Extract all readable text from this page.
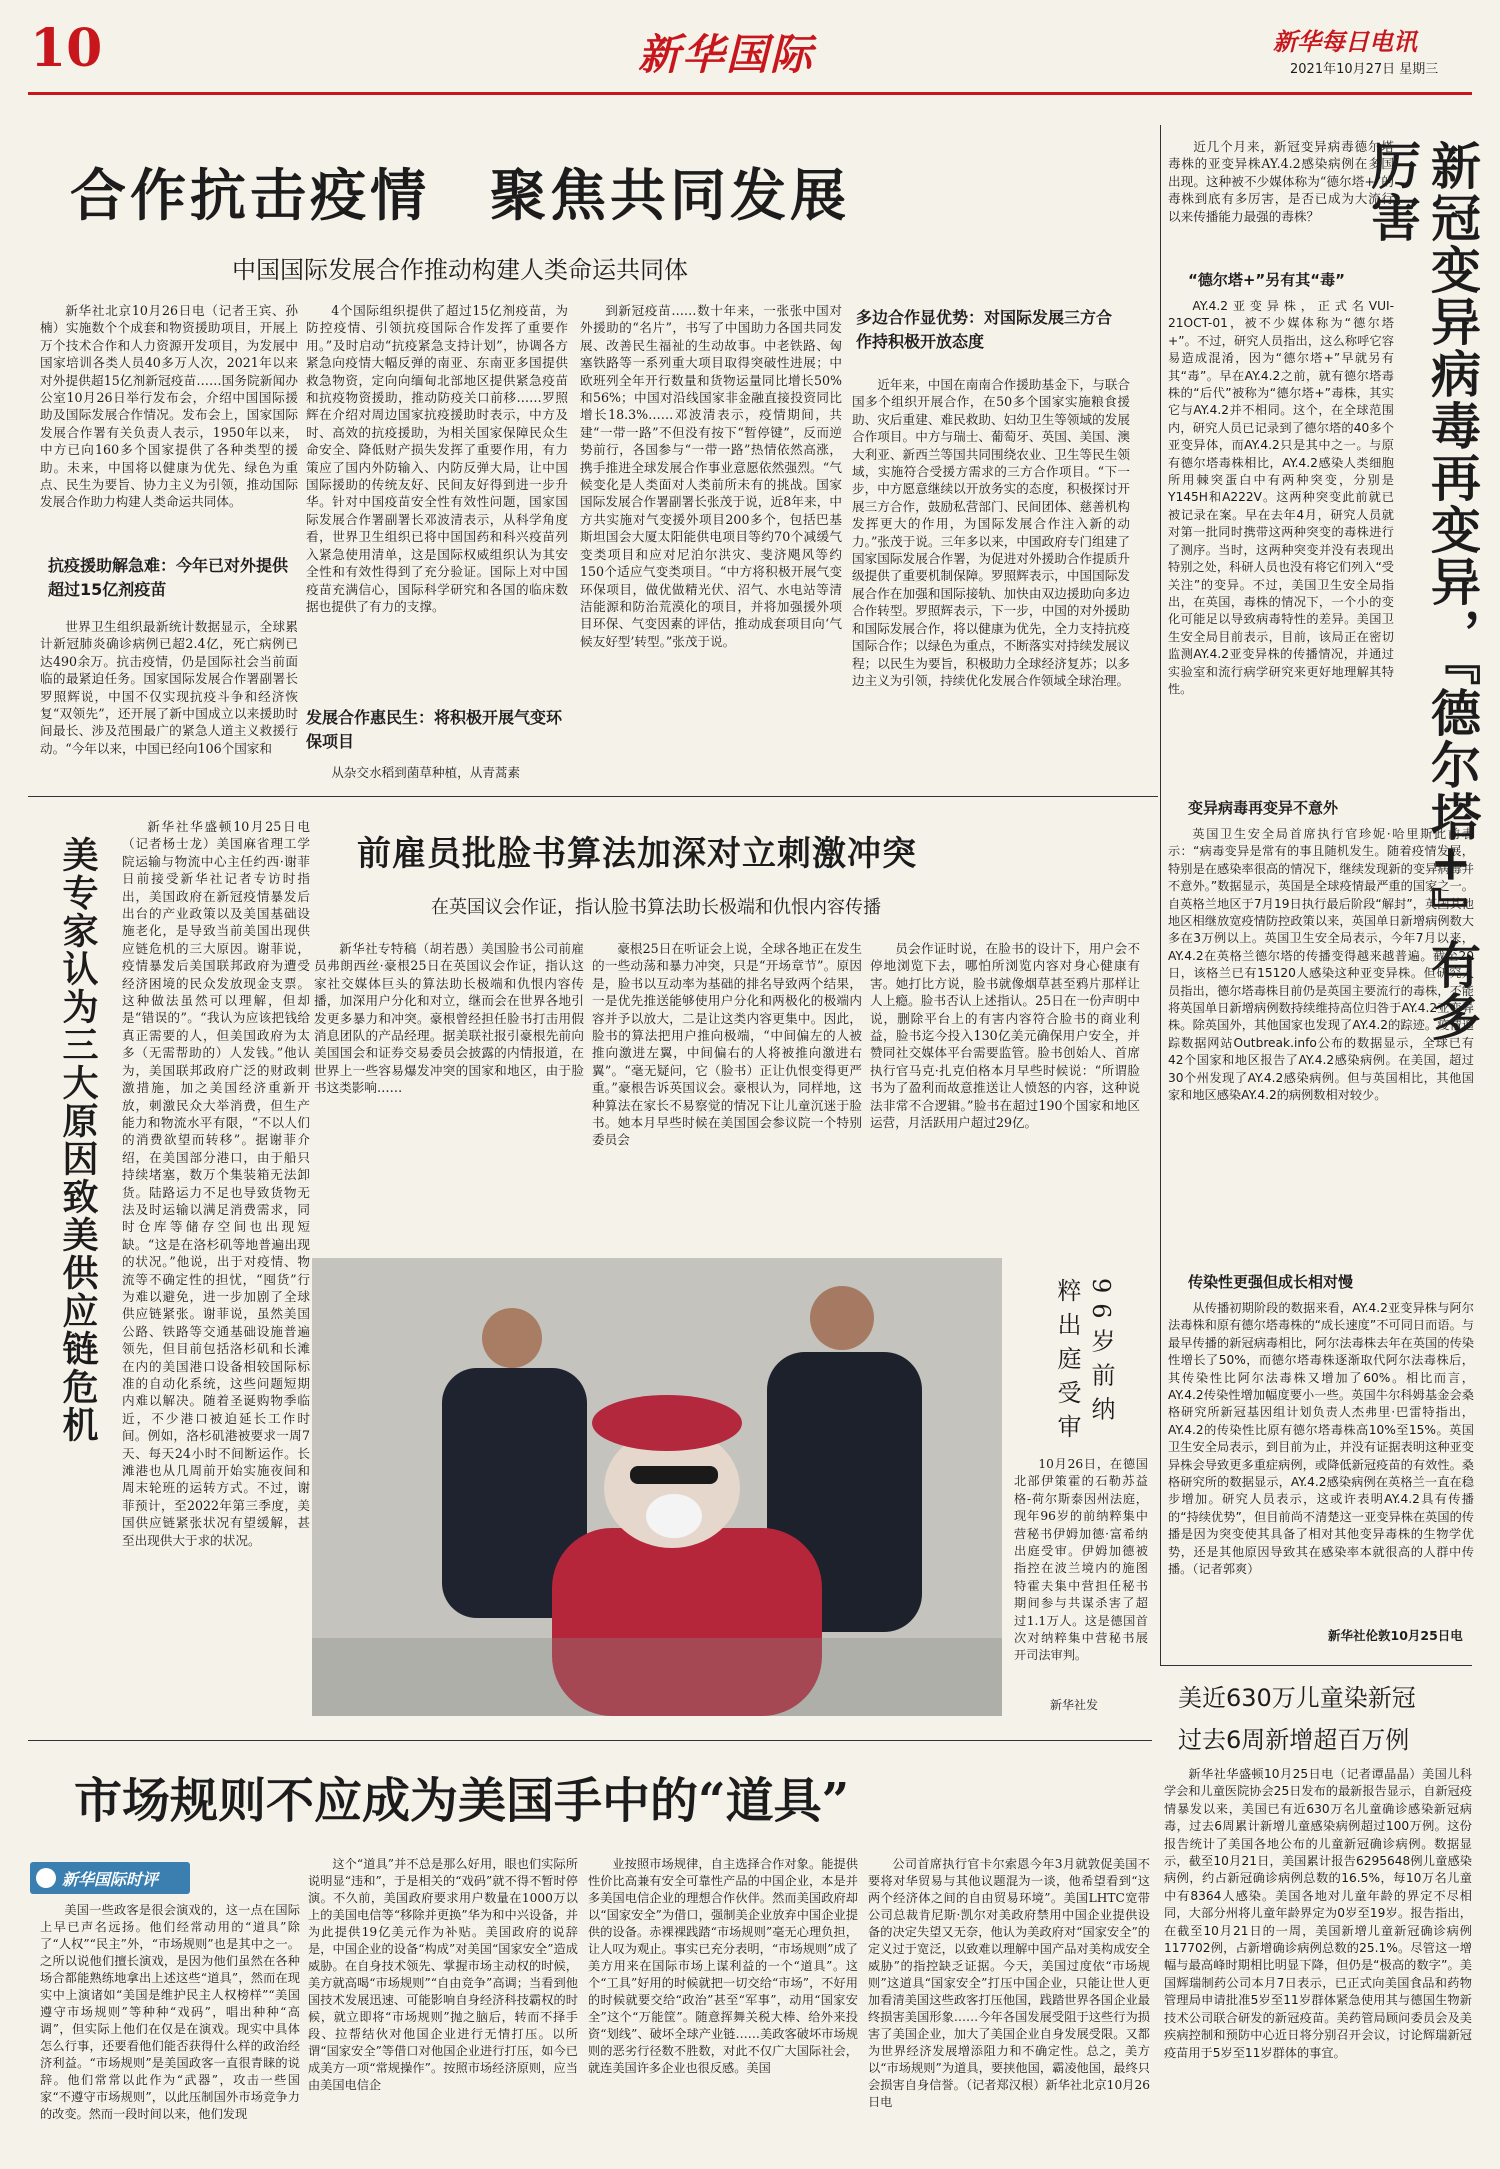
10	新华国际	新华每日电讯
2021年10月27日 星期三
合作抗击疫情　聚焦共同发展
中国国际发展合作推动构建人类命运共同体
新华社北京10月26日电（记者王宾、孙楠）实施数个个成套和物资援助项目，开展上万个技术合作和人力资源开发项目，为发展中国家培训各类人员40多万人次，2021年以来对外提供超15亿剂新冠疫苗……国务院新闻办公室10月26日举行发布会，介绍中国国际援助及国际发展合作情况。发布会上，国家国际发展合作署有关负责人表示，1950年以来，中方已向160多个国家提供了各种类型的援助。未来，中国将以健康为优先、绿色为重点、民生为要旨、协力主义为引领，推动国际发展合作助力构建人类命运共同体。
抗疫援助解急难：今年已对外提供超过15亿剂疫苗
世界卫生组织最新统计数据显示，全球累计新冠肺炎确诊病例已超2.4亿，死亡病例已达490余万。抗击疫情，仍是国际社会当前面临的最紧迫任务。国家国际发展合作署副署长罗照辉说，中国不仅实现抗疫斗争和经济恢复“双领先”，还开展了新中国成立以来援助时间最长、涉及范围最广的紧急人道主义救援行动。“今年以来，中国已经向106个国家和
4个国际组织提供了超过15亿剂疫苗，为防控疫情、引领抗疫国际合作发挥了重要作用。”及时启动“抗疫紧急支持计划”，协调各方紧急向疫情大幅反弹的南亚、东南亚多国提供救急物资，定向向缅甸北部地区提供紧急疫苗和抗疫物资援助，推动防疫关口前移……罗照辉在介绍对周边国家抗疫援助时表示，中方及时、高效的抗疫援助，为相关国家保障民众生命安全、降低财产损失发挥了重要作用，有力策应了国内外防输入、内防反弹大局，让中国国际援助的传统友好、民间友好得到进一步升华。针对中国疫苗安全性有效性问题，国家国际发展合作署副署长邓波清表示，从科学角度看，世界卫生组织已将中国国药和科兴疫苗列入紧急使用清单，这是国际权威组织认为其安全性和有效性得到了充分验证。国际上对中国疫苗充满信心，国际科学研究和各国的临床数据也提供了有力的支撑。
发展合作惠民生：将积极开展气变环保项目
从杂交水稻到菌草种植，从青蒿素
到新冠疫苗……数十年来，一张张中国对外援助的“名片”，书写了中国助力各国共同发展、改善民生福祉的生动故事。中老铁路、匈塞铁路等一系列重大项目取得突破性进展；中欧班列全年开行数量和货物运量同比增长50%和56%；中国对沿线国家非金融直接投资同比增长18.3%……邓波清表示，疫情期间，共建“一带一路”不但没有按下“暂停键”，反而逆势前行，各国参与“一带一路”热情依然高涨，携手推进全球发展合作事业意愿依然强烈。“气候变化是人类面对人类前所未有的挑战。国家国际发展合作署副署长张茂于说，近8年来，中方共实施对气变援外项目200多个，包括巴基斯坦国会大厦太阳能供电项目等约70个减缓气变类项目和应对尼泊尔洪灾、斐济飓风等约150个适应气变类项目。“中方将积极开展气变环保项目，做优做精光伏、沼气、水电站等清洁能源和防治荒漠化的项目，并将加强援外项目环保、气变因素的评估，推动成套项目向‘气候友好型’转型。”张茂于说。
多边合作显优势：对国际发展三方合作持积极开放态度
近年来，中国在南南合作援助基金下，与联合国多个组织开展合作，在50多个国家实施粮食援助、灾后重建、难民救助、妇幼卫生等领域的发展合作项目。中方与瑞士、葡萄牙、英国、美国、澳大利亚、新西兰等国共同围绕农业、卫生等民生领域，实施符合受援方需求的三方合作项目。“下一步，中方愿意继续以开放务实的态度，积极探讨开展三方合作，鼓励私营部门、民间团体、慈善机构发挥更大的作用，为国际发展合作注入新的动力。”张茂于说。三年多以来，中国政府专门组建了国家国际发展合作署，为促进对外援助合作提质升级提供了重要机制保障。罗照辉表示，中国国际发展合作在加强和国际接轨、加快由双边援助向多边合作转型。罗照辉表示，下一步，中国的对外援助和国际发展合作，将以健康为优先，全力支持抗疫国际合作；以绿色为重点，不断落实对持续发展议程；以民生为要旨，积极助力全球经济复苏；以多边主义为引领，持续优化发展合作领域全球治理。
近几个月来，新冠变异病毒德尔塔毒株的亚变异株AY.4.2感染病例在多国出现。这种被不少媒体称为“德尔塔+”的毒株到底有多厉害，是否已成为大流行以来传播能力最强的毒株？	新冠变异病毒再变异，『德尔塔+』有多厉害
“德尔塔+”另有其“毒”
AY.4.2亚变异株，正式名VUI-21OCT-01，被不少媒体称为“德尔塔+”。不过，研究人员指出，这么称呼它容易造成混淆，因为“德尔塔+”早就另有其“毒”。早在AY.4.2之前，就有德尔塔毒株的“后代”被称为“德尔塔+”毒株，其实它与AY.4.2并不相同。这个，在全球范围内，研究人员已记录到了德尔塔的40多个亚变异体，而AY.4.2只是其中之一。与原有德尔塔毒株相比，AY.4.2感染人类细胞所用棘突蛋白中有两种突变，分别是Y145H和A222V。这两种突变此前就已被记录在案。早在去年4月，研究人员就对第一批同时携带这两种突变的毒株进行了测序。当时，这两种突变并没有表现出特别之处，科研人员也没有将它们列入“受关注”的变异。不过，美国卫生安全局指出，在英国，毒株的情况下，一个小的变化可能足以导致病毒特性的差异。美国卫生安全局目前表示，目前，该局正在密切监测AY.4.2亚变异株的传播情况，并通过实验室和流行病学研究来更好地理解其特性。
变异病毒再变异不意外
英国卫生安全局首席执行官珍妮·哈里斯此前表示：“病毒变异是常有的事且随机发生。随着疫情发展，特别是在感染率很高的情况下，继续发现新的变异病毒并不意外。”数据显示，英国是全球疫情最严重的国家之一。自英格兰地区于7月19日执行最后阶段“解封”，英国其他地区相继放宽疫情防控政策以来，英国单日新增病例数大多在3万例以上。英国卫生安全局表示，今年7月以来，AY.4.2在英格兰德尔塔的传播变得越来越普遍。截至20日，该格兰已有15120人感染这种亚变异株。但研究人员指出，德尔塔毒株目前仍是英国主要流行的毒株，不能将英国单日新增病例数持续维持高位归咎于AY.4.2亚变异株。除英国外，其他国家也发现了AY.4.2的踪迹。疫情追踪数据网站Outbreak.info公布的数据显示，全球已有42个国家和地区报告了AY.4.2感染病例。在美国，超过30个州发现了AY.4.2感染病例。但与英国相比，其他国家和地区感染AY.4.2的病例数相对较少。
传染性更强但成长相对慢
从传播初期阶段的数据来看，AY.4.2亚变异株与阿尔法毒株和原有德尔塔毒株的“成长速度”不可同日而语。与最早传播的新冠病毒相比，阿尔法毒株去年在英国的传染性增长了50%，而德尔塔毒株逐渐取代阿尔法毒株后，其传染性比阿尔法毒株又增加了60%。相比而言，AY.4.2传染性增加幅度要小一些。英国牛尔科姆基金会桑格研究所新冠基因组计划负责人杰弗里·巴雷特指出，AY.4.2的传染性比原有德尔塔毒株高10%至15%。英国卫生安全局表示，到目前为止，并没有证据表明这种亚变异株会导致更多重症病例，或降低新冠疫苗的有效性。桑格研究所的数据显示，AY.4.2感染病例在英格兰一直在稳步增加。研究人员表示，这或许表明AY.4.2具有传播的“持续优势”，但目前尚不清楚这一亚变异株在英国的传播是因为突变使其具备了相对其他变异毒株的生物学优势，还是其他原因导致其在感染率本就很高的人群中传播。（记者郭爽）
新华社伦敦10月25日电
美专家认为三大原因致美供应链危机
新华社华盛顿10月25日电（记者杨士龙）美国麻省理工学院运输与物流中心主任约西·谢菲日前接受新华社记者专访时指出，美国政府在新冠疫情暴发后出台的产业政策以及美国基础设施老化，是导致当前美国出现供应链危机的三大原因。谢菲说，疫情暴发后美国联邦政府为遭受经济困境的民众发放现金支票。这种做法虽然可以理解，但却是“错误的”。“我认为应该把钱给真正需要的人，但美国政府为太多（无需帮助的）人发钱。”他认为，美国联邦政府广泛的财政刺激措施，加之美国经济重新开放，刺激民众大举消费，但生产能力和物流水平有限，“不以人们的消费欲望而转移”。据谢菲介绍，在美国部分港口，由于船只持续堵塞，数万个集装箱无法卸货。陆路运力不足也导致货物无法及时运输以满足消费需求，同时仓库等储存空间也出现短缺。“这是在洛杉矶等地普遍出现的状况。”他说，出于对疫情、物流等不确定性的担忧，“囤货”行为难以避免，进一步加剧了全球供应链紧张。谢菲说，虽然美国公路、铁路等交通基础设施普遍领先，但目前包括洛杉矶和长滩在内的美国港口设备相较国际标准的自动化系统，这些问题短期内难以解决。随着圣诞购物季临近，不少港口被迫延长工作时间。例如，洛杉矶港被要求一周7天、每天24小时不间断运作。长滩港也从几周前开始实施夜间和周末轮班的运转方式。不过，谢菲预计，至2022年第三季度，美国供应链紧张状况有望缓解，甚至出现供大于求的状况。
前雇员批脸书算法加深对立刺激冲突
在英国议会作证，指认脸书算法助长极端和仇恨内容传播
新华社专特稿（胡若愚）美国脸书公司前雇员弗朗西丝·豪根25日在英国议会作证，指认这家社交媒体巨头的算法助长极端和仇恨内容传播，加深用户分化和对立，继而会在世界各地引发更多暴力和冲突。豪根曾经担任脸书打击用假消息团队的产品经理。据美联社报引豪根先前向美国国会和证券交易委员会披露的内情报道，在世界上一些容易爆发冲突的国家和地区，由于脸书这类影响……
豪根25日在听证会上说，全球各地正在发生的一些动荡和暴力冲突，只是“开场章节”。原因是，脸书以互动率为基础的排名导致两个结果，一是优先推送能够使用户分化和两极化的极端内容并予以放大，二是让这类内容更集中。因此，脸书的算法把用户推向极端，“中间偏左的人被推向激进左翼，中间偏右的人将被推向激进右翼”。“毫无疑问，它（脸书）正让仇恨变得更严重。”豪根告诉英国议会。豪根认为，同样地，这种算法在家长不易察觉的情况下让儿童沉迷于脸书。她本月早些时候在美国国会参议院一个特别委员会
员会作证时说，在脸书的设计下，用户会不停地浏览下去，哪怕所浏览内容对身心健康有害。她打比方说，脸书就像烟草甚至鸦片那样让人上瘾。脸书否认上述指认。25日在一份声明中说，删除平台上的有害内容符合脸书的商业利益，脸书迄今投入130亿美元确保用户安全，并赞同社交媒体平台需要监管。脸书创始人、首席执行官马克·扎克伯格本月早些时候说：“所谓脸书为了盈利而故意推送让人愤怒的内容，这种说法非常不合逻辑。”脸书在超过190个国家和地区运营，月活跃用户超过29亿。
96岁前纳粹出庭受审
10月26日，在德国北部伊策霍的石勒苏益格-荷尔斯泰因州法庭，现年96岁的前纳粹集中营秘书伊姆加德·富希纳出庭受审。伊姆加德被指控在波兰境内的施图特霍夫集中营担任秘书期间参与共谋杀害了超过1.1万人。这是德国首次对纳粹集中营秘书展开司法审判。
新华社发	美近630万儿童染新冠
过去6周新增超百万例
新华社华盛顿10月25日电（记者谭晶晶）美国儿科学会和儿童医院协会25日发布的最新报告显示，自新冠疫情暴发以来，美国已有近630万名儿童确诊感染新冠病毒，过去6周累计新增儿童感染病例超过100万例。这份报告统计了美国各地公布的儿童新冠确诊病例。数据显示，截至10月21日，美国累计报告6295648例儿童感染病例，约占新冠确诊病例总数的16.5%，每10万名儿童中有8364人感染。美国各地对儿童年龄的界定不尽相同，大部分州将儿童年龄界定为0岁至19岁。报告指出，在截至10月21日的一周，美国新增儿童新冠确诊病例117702例，占新增确诊病例总数的25.1%。尽管这一增幅与最高峰时期相比明显下降，但仍是“极高的数字”。美国辉瑞制药公司本月7日表示，已正式向美国食品和药物管理局申请批准5岁至11岁群体紧急使用其与德国生物新技术公司联合研发的新冠疫苗。美药管局顾问委员会及美疾病控制和预防中心近日将分别召开会议，讨论辉瑞新冠疫苗用于5岁至11岁群体的事宜。
市场规则不应成为美国手中的“道具”
新华国际时评
美国一些政客是很会演戏的，这一点在国际上早已声名远扬。他们经常动用的“道具”除了“人权”“民主”外，“市场规则”也是其中之一。之所以说他们擅长演戏，是因为他们虽然在各种场合都能熟练地拿出上述这些“道具”，然而在现实中上演诸如“美国是维护民主人权榜样”“美国遵守市场规则”等种种“戏码”，唱出种种“高调”，但实际上他们在仅是在演戏。现实中具体怎么行事，还要看他们能否获得什么样的政治经济利益。“市场规则”是美国政客一直很青睐的说辞。他们常常以此作为“武器”，攻击一些国家“不遵守市场规则”，以此压制国外市场竞争力的改变。然而一段时间以来，他们发现
这个“道具”并不总是那么好用，眼也们实际所说明显“违和”，于是相关的“戏码”就不得不暂时停演。不久前，美国政府要求用户数量在1000万以上的美国电信等“移除并更换”华为和中兴设备，并为此提供19亿美元作为补贴。美国政府的说辞是，中国企业的设备“构成”对美国“国家安全”造成威胁。在自身技术领先、掌握市场主动权的时候，美方就高喝“市场规则”“自由竞争”高调；当看到他国技术发展迅速、可能影响自身经济科技霸权的时候，就立即将“市场规则”抛之脑后，转而不择手段、拉帮结伙对他国企业进行无情打压。以所谓“国家安全”等借口对他国企业进行打压，如今已成美方一项“常规操作”。按照市场经济原则，应当由美国电信企
业按照市场规律，自主选择合作对象。能提供性价比高兼有安全可靠性产品的中国企业，本是并多美国电信企业的理想合作伙伴。然而美国政府却以“国家安全”为借口，强制美企业放弃中国企业提供的设备。赤裸裸践踏“市场规则”毫无心理负担，让人叹为观止。事实已充分表明，“市场规则”成了美方用来在国际市场上谋利益的一个“道具”。这个“工具”好用的时候就把一切交给“市场”，不好用的时候就要交给“政治”甚至“军事”，动用“国家安全”这个“万能筐”。随意挥舞关税大棒、给外来投资“划线”、破坏全球产业链……美政客破坏市场规则的恶劣行径数不胜数，对此不仅广大国际社会，就连美国许多企业也很反感。美国
公司首席执行官卡尔索恩今年3月就敦促美国不要将对华贸易与其他议题混为一谈，他希望看到“这两个经济体之间的自由贸易环境”。美国LHTC宽带公司总裁肯尼斯·凯尔对美政府禁用中国企业提供设备的决定失望又无奈，他认为美政府对“国家安全”的定义过于宽泛，以致难以理解中国产品对美构成安全威胁”的指控缺乏证据。今天，美国过度依“市场规则”这道具“国家安全”打压中国企业，只能让世人更加看清美国这些政客打压他国，践踏世界各国企业最终损害美国形象……今年各国发展受阻于这些行为损害了美国企业，加大了美国企业自身发展受限。又都为世界经济发展增添阻力和不确定性。总之，美方以“市场规则”为道具，要挟他国，霸凌他国，最终只会损害自身信誉。（记者郑汉根）新华社北京10月26日电
